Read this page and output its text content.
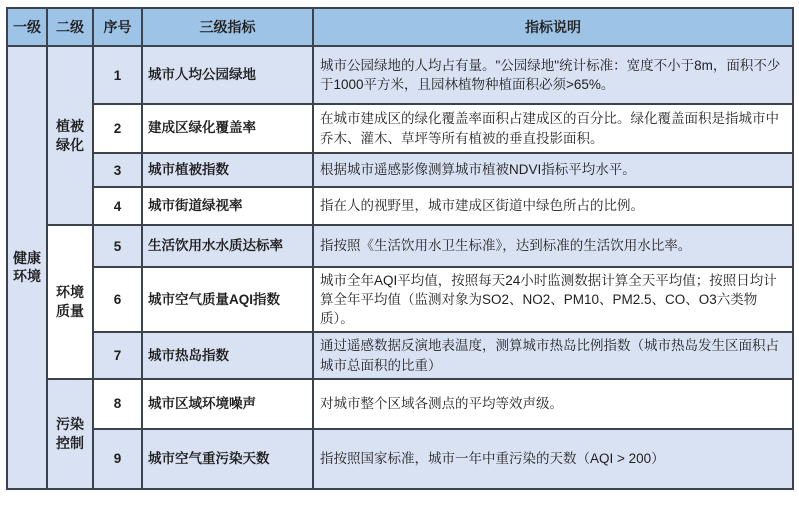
一级	二级	序号	三级指标	指标说明
健康环境	植被绿化	1	城市人均公园绿地	城市公园绿地的人均占有量。"公园绿地"统计标准：宽度不小于8m，面积不少于1000平方米，且园林植物种植面积必须>65%。
		2	建成区绿化覆盖率	在城市建成区的绿化覆盖率面积占建成区的百分比。绿化覆盖面积是指城市中乔木、灌木、草坪等所有植被的垂直投影面积。
		3	城市植被指数	根据城市遥感影像测算城市植被NDVI指标平均水平。
		4	城市街道绿视率	指在人的视野里，城市建成区街道中绿色所占的比例。
	环境质量	5	生活饮用水水质达标率	指按照《生活饮用水卫生标准》，达到标准的生活饮用水比率。
		6	城市空气质量AQI指数	城市全年AQI平均值，按照每天24小时监测数据计算全天平均值；按照日均计算全年平均值（监测对象为SO2、NO2、PM10、PM2.5、CO、O3六类物质）。
		7	城市热岛指数	通过遥感数据反演地表温度，测算城市热岛比例指数（城市热岛发生区面积占城市总面积的比重）
	污染控制	8	城市区域环境噪声	对城市整个区域各测点的平均等效声级。
		9	城市空气重污染天数	指按照国家标准，城市一年中重污染的天数（AQI > 200）
